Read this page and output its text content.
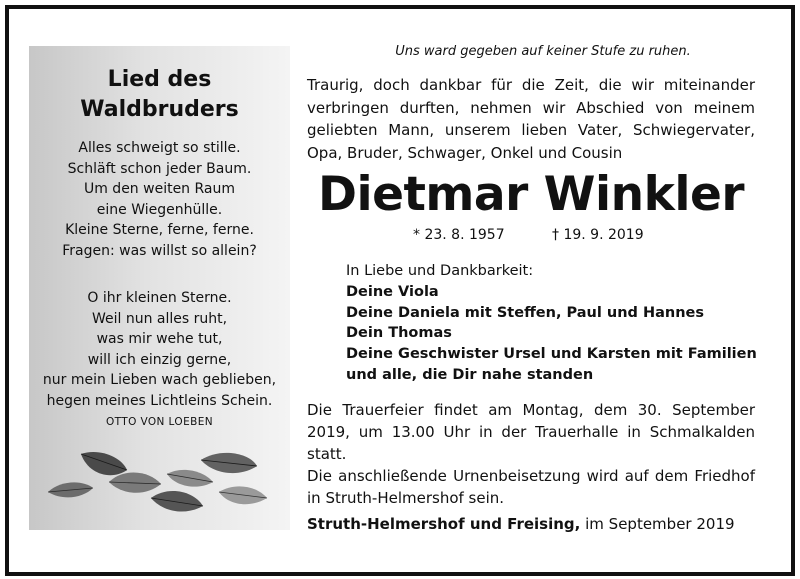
Lied des
Waldbruders
Alles schweigt so stille.
Schläft schon jeder Baum.
Um den weiten Raum
eine Wiegenhülle.
Kleine Sterne, ferne, ferne.
Fragen: was willst so allein?
O ihr kleinen Sterne.
Weil nun alles ruht,
was mir wehe tut,
will ich einzig gerne,
nur mein Lieben wach geblieben,
hegen meines Lichtleins Schein.
OTTO VON LOEBEN
Uns ward gegeben auf keiner Stufe zu ruhen.
Traurig, doch dankbar für die Zeit, die wir miteinander verbringen durften, nehmen wir Abschied von meinem geliebten Mann, unserem lieben Vater, Schwiegervater, Opa, Bruder, Schwager, Onkel und Cousin
Dietmar Winkler
* 23. 8. 1957	† 19. 9. 2019
In Liebe und Dankbarkeit:
Deine Viola
Deine Daniela mit Steffen, Paul und Hannes
Dein Thomas
Deine Geschwister Ursel und Karsten mit Familien
und alle, die Dir nahe standen

Die Trauerfeier findet am Montag, dem 30. September 2019, um 13.00 Uhr in der Trauerhalle in Schmalkalden statt.

Die anschließende Urnenbeisetzung wird auf dem Friedhof in Struth-Helmershof sein.

Struth-Helmershof und Freising, im September 2019
